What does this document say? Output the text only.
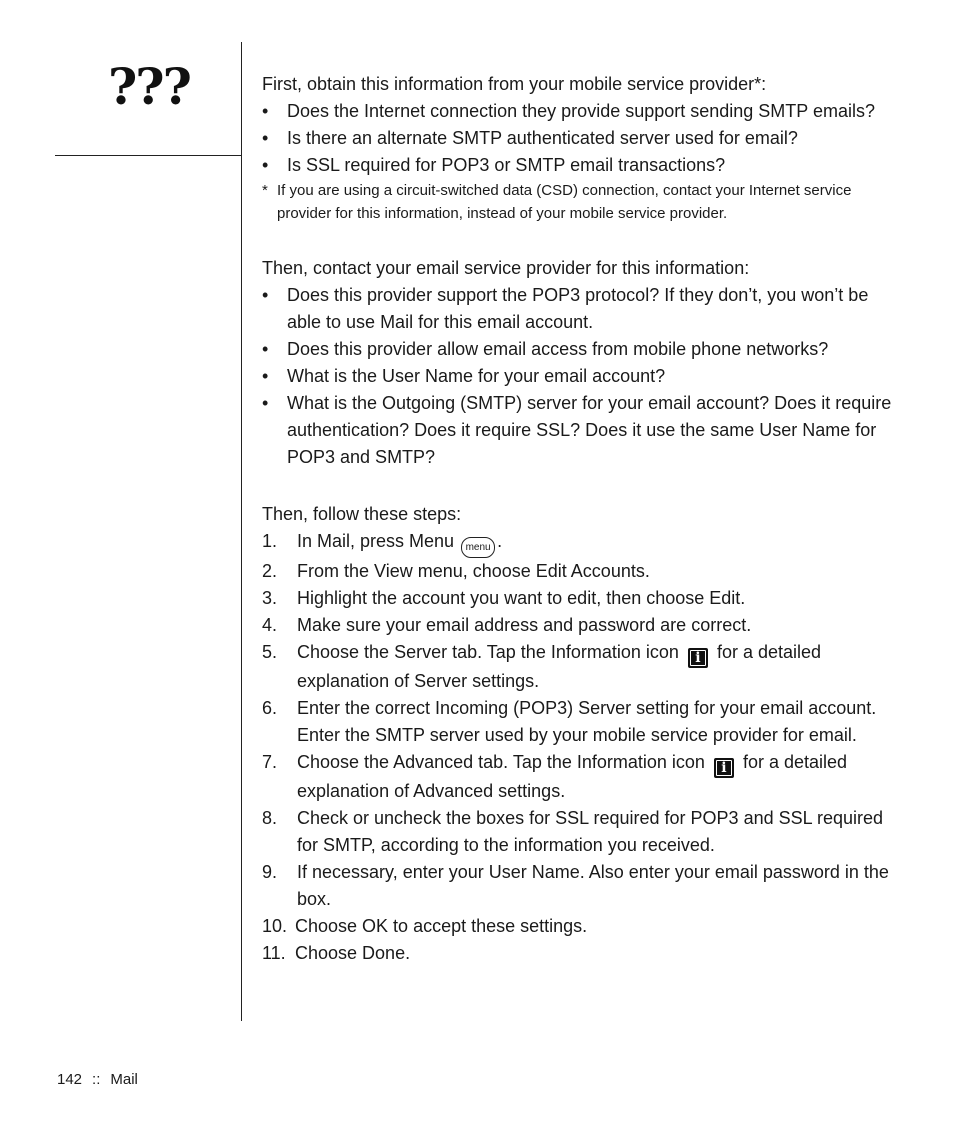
???	First, obtain this information from your mobile service provider*:

• Does the Internet connection they provide support sending SMTP emails?
• Is there an alternate SMTP authenticated server used for email?
• Is SSL required for POP3 or SMTP email transactions?
* If you are using a circuit-switched data (CSD) connection, contact your Internet service provider for this information, instead of your mobile service provider.

Then, contact your email service provider for this information:

• Does this provider support the POP3 protocol? If they don’t, you won’t be able to use Mail for this email account.
• Does this provider allow email access from mobile phone networks?
• What is the User Name for your email account?
• What is the Outgoing (SMTP) server for your email account? Does it require authentication? Does it require SSL? Does it use the same User Name for POP3 and SMTP?

Then, follow these steps:

1. In Mail, press Menu menu .
2. From the View menu, choose Edit Accounts.
3. Highlight the account you want to edit, then choose Edit.
4. Make sure your email address and password are correct.
5. Choose the Server tab. Tap the Information icon i for a detailed explanation of Server settings.
6. Enter the correct Incoming (POP3) Server setting for your email account. Enter the SMTP server used by your mobile service provider for email.
7. Choose the Advanced tab. Tap the Information icon i for a detailed explanation of Advanced settings.
8. Check or uncheck the boxes for SSL required for POP3 and SSL required for SMTP, according to the information you received.
9. If necessary, enter your User Name. Also enter your email password in the box.
10. Choose OK to accept these settings.
11. Choose Done.
142 :: Mail
